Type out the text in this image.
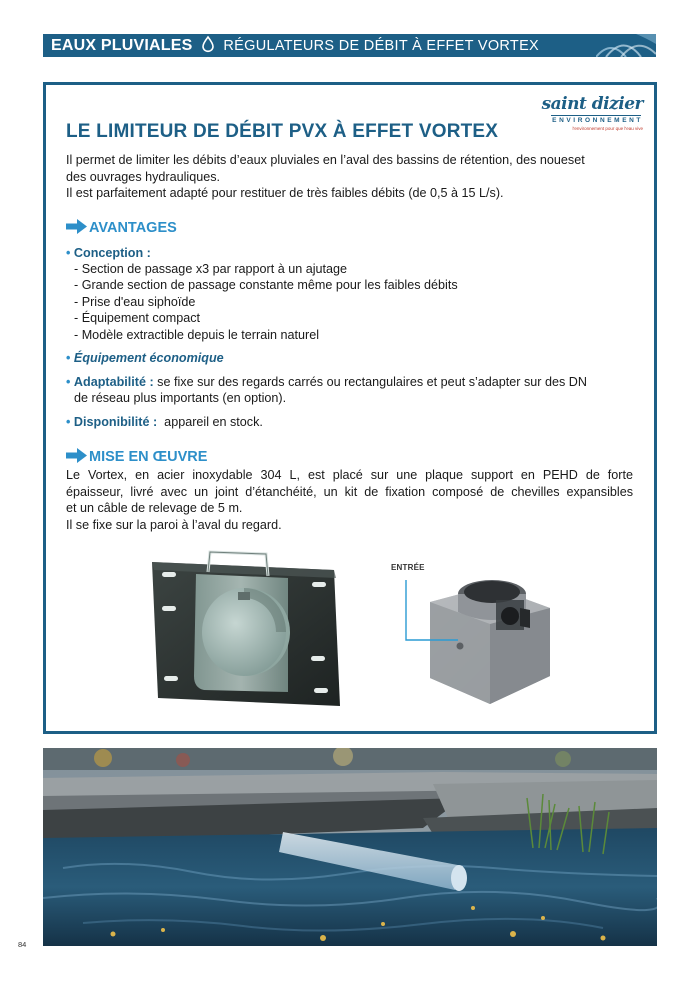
EAUX PLUVIALES RÉGULATEURS DE DÉBIT À EFFET VORTEX
saint dizier
ENVIRONNEMENT
l'environnement pour que l'eau vive
LE LIMITEUR DE DÉBIT PVX À EFFET VORTEX
Il permet de limiter les débits d’eaux pluviales en l’aval des bassins de rétention, des noueset
des ouvrages hydrauliques.
Il est parfaitement adapté pour restituer de très faibles débits (de 0,5 à 15 L/s).
AVANTAGES
• Conception :
- Section de passage x3 par rapport à un ajutage
- Grande section de passage constante même pour les faibles débits
- Prise d'eau siphoïde
- Équipement compact
- Modèle extractible depuis le terrain naturel
• Équipement économique
• Adaptabilité : se fixe sur des regards carrés ou rectangulaires et peut s’adapter sur des DN
de réseau plus importants (en option).
• Disponibilité :  appareil en stock.
MISE EN ŒUVRE
Le Vortex, en acier inoxydable 304 L, est placé sur une plaque support en PEHD de forte
épaisseur, livré avec un joint d’étanchéité, un kit de fixation composé de chevilles expansibles
et un câble de relevage de 5 m.
Il se fixe sur la paroi à l’aval du regard.
ENTRÉE
84
